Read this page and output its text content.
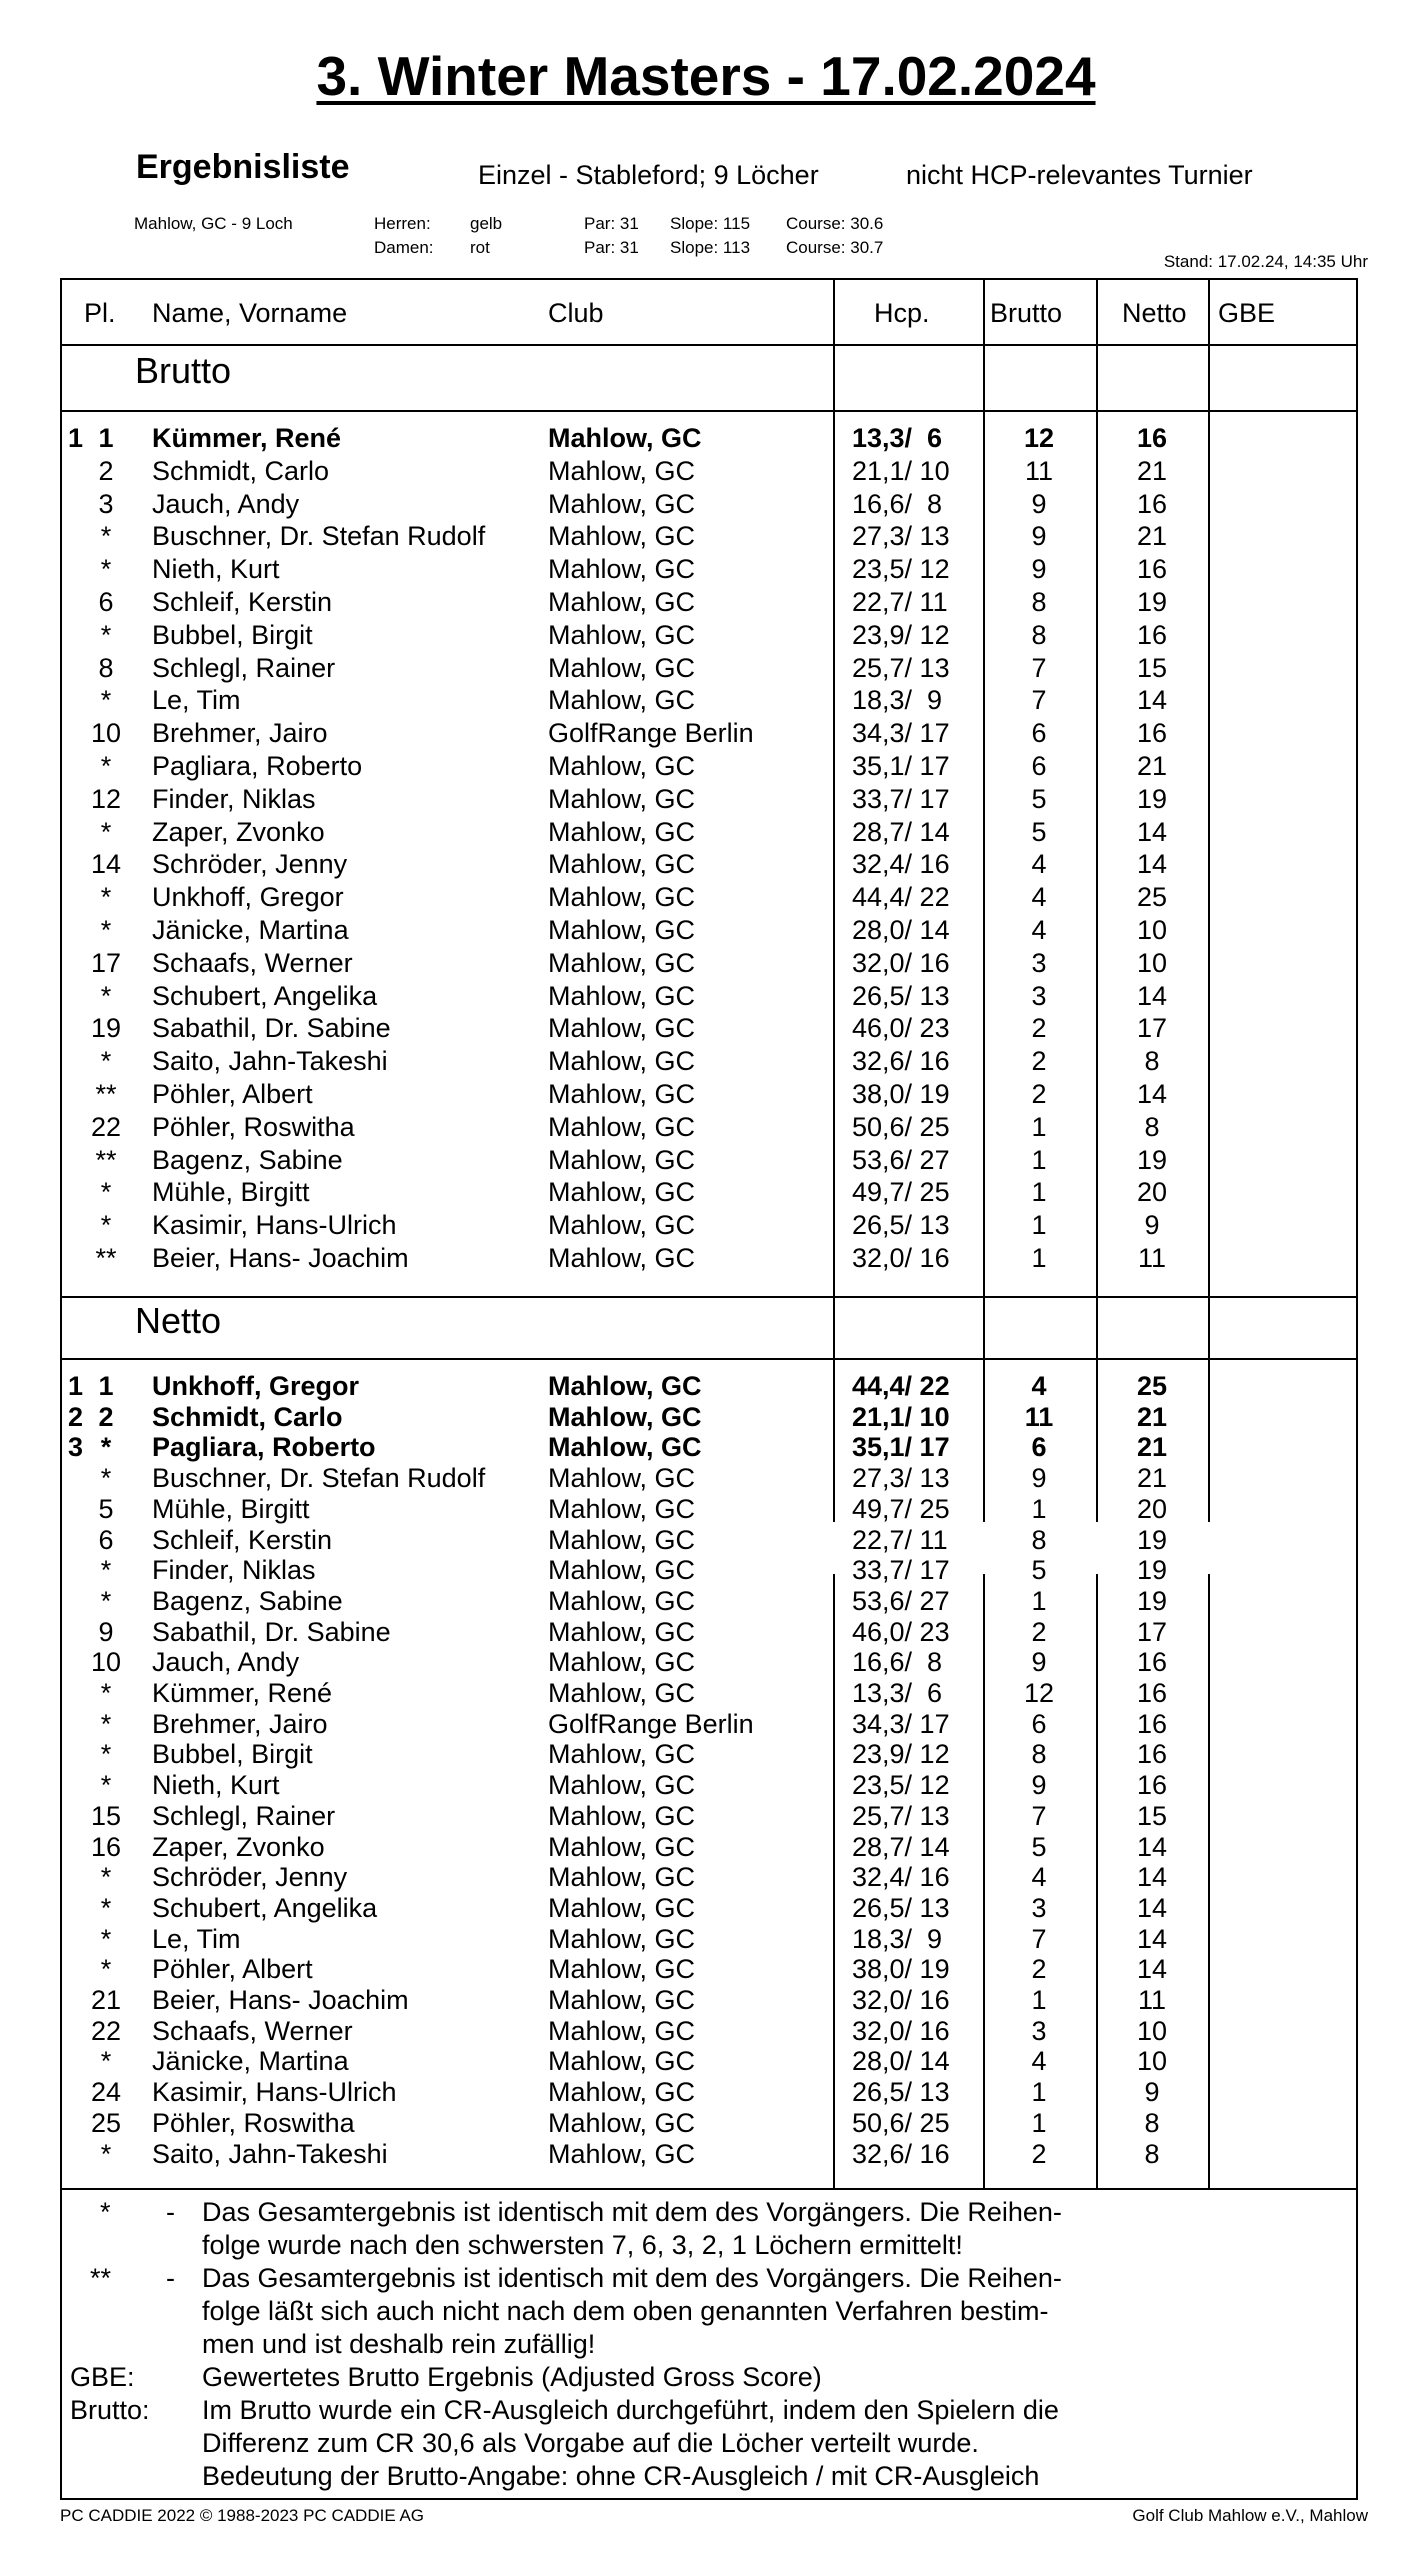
3. Winter Masters - 17.02.2024
Ergebnisliste	Einzel - Stableford; 9 Löcher	nicht HCP-relevantes Turnier
Mahlow, GC - 9 Loch	Herren: gelb	Par: 31 Slope: 115 Course: 30.6
Damen: rot	Par: 31 Slope: 113 Course: 30.7
Stand: 17.02.24, 14:35 Uhr
Pl. Name, Vorname	Club	Hcp. Brutto Netto GBE
Brutto
1 1	Kümmer, René	Mahlow, GC	13,3/  6	12	16
2	Schmidt, Carlo	Mahlow, GC	21,1/ 10	11	21
3	Jauch, Andy	Mahlow, GC	16,6/  8	9	16
*	Buschner, Dr. Stefan Rudolf Mahlow, GC	27,3/ 13	9	21
*	Nieth, Kurt	Mahlow, GC	23,5/ 12	9	16
6	Schleif, Kerstin	Mahlow, GC	22,7/ 11	8	19
*	Bubbel, Birgit	Mahlow, GC	23,9/ 12	8	16
8	Schlegl, Rainer	Mahlow, GC	25,7/ 13	7	15
*	Le, Tim	Mahlow, GC	18,3/  9	7	14
10	Brehmer, Jairo	GolfRange Berlin	34,3/ 17	6	16
*	Pagliara, Roberto	Mahlow, GC	35,1/ 17	6	21
12	Finder, Niklas	Mahlow, GC	33,7/ 17	5	19
*	Zaper, Zvonko	Mahlow, GC	28,7/ 14	5	14
14	Schröder, Jenny	Mahlow, GC	32,4/ 16	4	14
*	Unkhoff, Gregor	Mahlow, GC	44,4/ 22	4	25
*	Jänicke, Martina	Mahlow, GC	28,0/ 14	4	10
17	Schaafs, Werner	Mahlow, GC	32,0/ 16	3	10
*	Schubert, Angelika	Mahlow, GC	26,5/ 13	3	14
19	Sabathil, Dr. Sabine	Mahlow, GC	46,0/ 23	2	17
*	Saito, Jahn-Takeshi	Mahlow, GC	32,6/ 16	2	8
**	Pöhler, Albert	Mahlow, GC	38,0/ 19	2	14
22	Pöhler, Roswitha	Mahlow, GC	50,6/ 25	1	8
**	Bagenz, Sabine	Mahlow, GC	53,6/ 27	1	19
*	Mühle, Birgitt	Mahlow, GC	49,7/ 25	1	20
*	Kasimir, Hans-Ulrich	Mahlow, GC	26,5/ 13	1	9
**	Beier, Hans- Joachim	Mahlow, GC	32,0/ 16	1	11
Netto
1 1	Unkhoff, Gregor	Mahlow, GC	44,4/ 22	4	25
2 2	Schmidt, Carlo	Mahlow, GC	21,1/ 10	11	21
3 *	Pagliara, Roberto	Mahlow, GC	35,1/ 17	6	21
*	Buschner, Dr. Stefan Rudolf Mahlow, GC	27,3/ 13	9	21
5	Mühle, Birgitt	Mahlow, GC	49,7/ 25	1	20
6	Schleif, Kerstin	Mahlow, GC	22,7/ 11	8	19
*	Finder, Niklas	Mahlow, GC	33,7/ 17	5	19
*	Bagenz, Sabine	Mahlow, GC	53,6/ 27	1	19
9	Sabathil, Dr. Sabine	Mahlow, GC	46,0/ 23	2	17
10	Jauch, Andy	Mahlow, GC	16,6/  8	9	16
*	Kümmer, René	Mahlow, GC	13,3/  6	12	16
*	Brehmer, Jairo	GolfRange Berlin	34,3/ 17	6	16
*	Bubbel, Birgit	Mahlow, GC	23,9/ 12	8	16
*	Nieth, Kurt	Mahlow, GC	23,5/ 12	9	16
15	Schlegl, Rainer	Mahlow, GC	25,7/ 13	7	15
16	Zaper, Zvonko	Mahlow, GC	28,7/ 14	5	14
*	Schröder, Jenny	Mahlow, GC	32,4/ 16	4	14
*	Schubert, Angelika	Mahlow, GC	26,5/ 13	3	14
*	Le, Tim	Mahlow, GC	18,3/  9	7	14
*	Pöhler, Albert	Mahlow, GC	38,0/ 19	2	14
21	Beier, Hans- Joachim	Mahlow, GC	32,0/ 16	1	11
22	Schaafs, Werner	Mahlow, GC	32,0/ 16	3	10
*	Jänicke, Martina	Mahlow, GC	28,0/ 14	4	10
24	Kasimir, Hans-Ulrich	Mahlow, GC	26,5/ 13	1	9
25	Pöhler, Roswitha	Mahlow, GC	50,6/ 25	1	8
*	Saito, Jahn-Takeshi	Mahlow, GC	32,6/ 16	2	8
* - Das Gesamtergebnis ist identisch mit dem des Vorgängers. Die Reihen-
folge wurde nach den schwersten 7, 6, 3, 2, 1 Löchern ermittelt!
** - Das Gesamtergebnis ist identisch mit dem des Vorgängers. Die Reihen-
folge läßt sich auch nicht nach dem oben genannten Verfahren bestim-
men und ist deshalb rein zufällig!
GBE: Gewertetes Brutto Ergebnis (Adjusted Gross Score)
Brutto: Im Brutto wurde ein CR-Ausgleich durchgeführt, indem den Spielern die
Differenz zum CR 30,6 als Vorgabe auf die Löcher verteilt wurde.
Bedeutung der Brutto-Angabe: ohne CR-Ausgleich / mit CR-Ausgleich
PC CADDIE 2022 © 1988-2023 PC CADDIE AG	Golf Club Mahlow e.V., Mahlow
